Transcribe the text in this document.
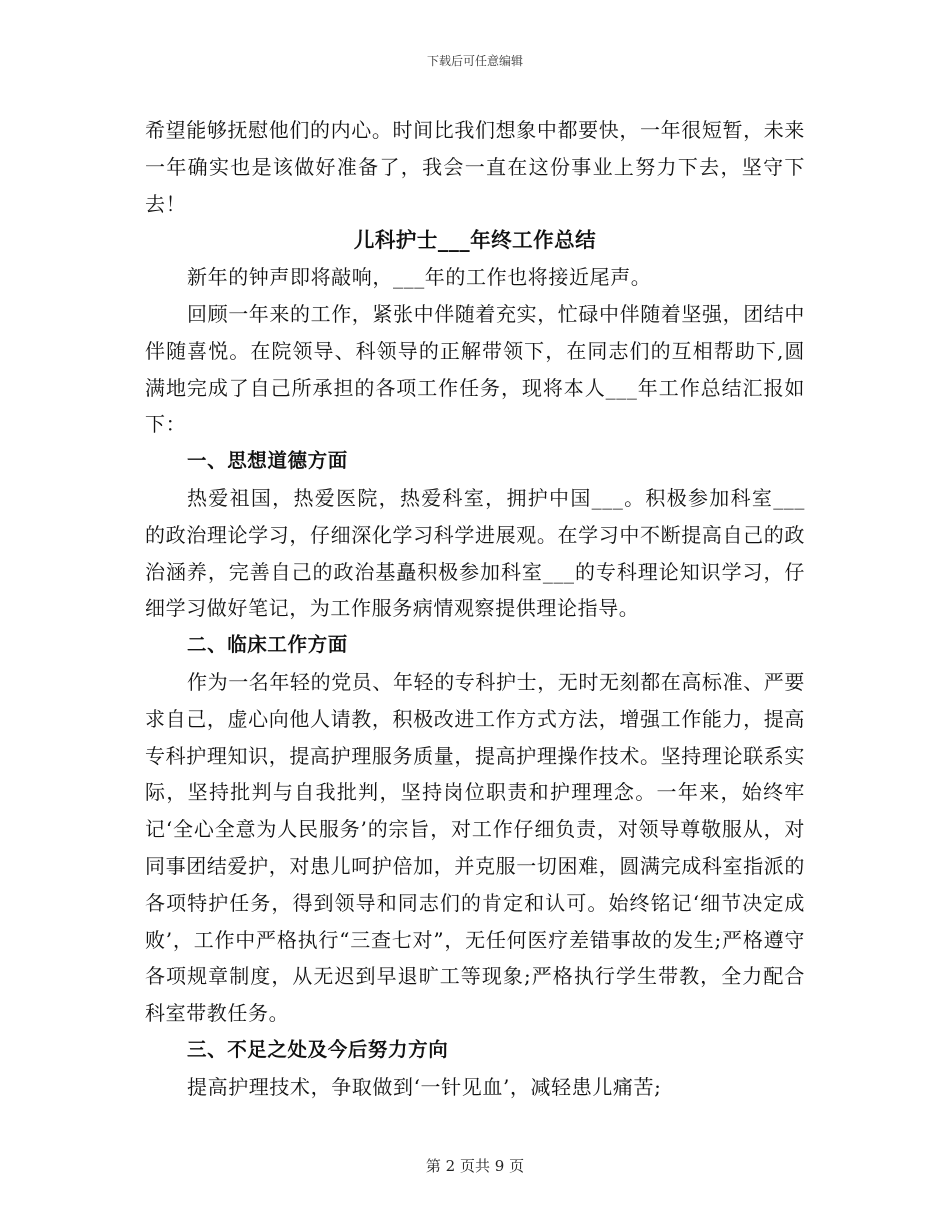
下载后可任意编辑

希望能够抚慰他们的内心。时间比我们想象中都要快，一年很短暂，未来一年确实也是该做好准备了，我会一直在这份事业上努力下去，坚守下去！

儿科护士___年终工作总结

新年的钟声即将敲响，___年的工作也将接近尾声。

回顾一年来的工作，紧张中伴随着充实，忙碌中伴随着坚强，团结中伴随喜悦。在院领导、科领导的正解带领下，在同志们的互相帮助下,圆满地完成了自己所承担的各项工作任务，现将本人___年工作总结汇报如下：

一、思想道德方面

热爱祖国，热爱医院，热爱科室，拥护中国___。积极参加科室___的政治理论学习，仔细深化学习科学进展观。在学习中不断提高自己的政治涵养，完善自己的政治基矗积极参加科室___的专科理论知识学习，仔细学习做好笔记，为工作服务病情观察提供理论指导。

二、临床工作方面

作为一名年轻的党员、年轻的专科护士，无时无刻都在高标准、严要求自己，虚心向他人请教，积极改进工作方式方法，增强工作能力，提高专科护理知识，提高护理服务质量，提高护理操作技术。坚持理论联系实际，坚持批判与自我批判，坚持岗位职责和护理理念。一年来，始终牢记‘全心全意为人民服务’的宗旨，对工作仔细负责，对领导尊敬服从，对同事团结爱护，对患儿呵护倍加，并克服一切困难，圆满完成科室指派的各项特护任务，得到领导和同志们的肯定和认可。始终铭记‘细节决定成败’，工作中严格执行“三查七对”，无任何医疗差错事故的发生;严格遵守各项规章制度，从无迟到早退旷工等现象;严格执行学生带教，全力配合科室带教任务。

三、不足之处及今后努力方向

提高护理技术，争取做到‘一针见血’，减轻患儿痛苦;

第 2 页共 9 页
